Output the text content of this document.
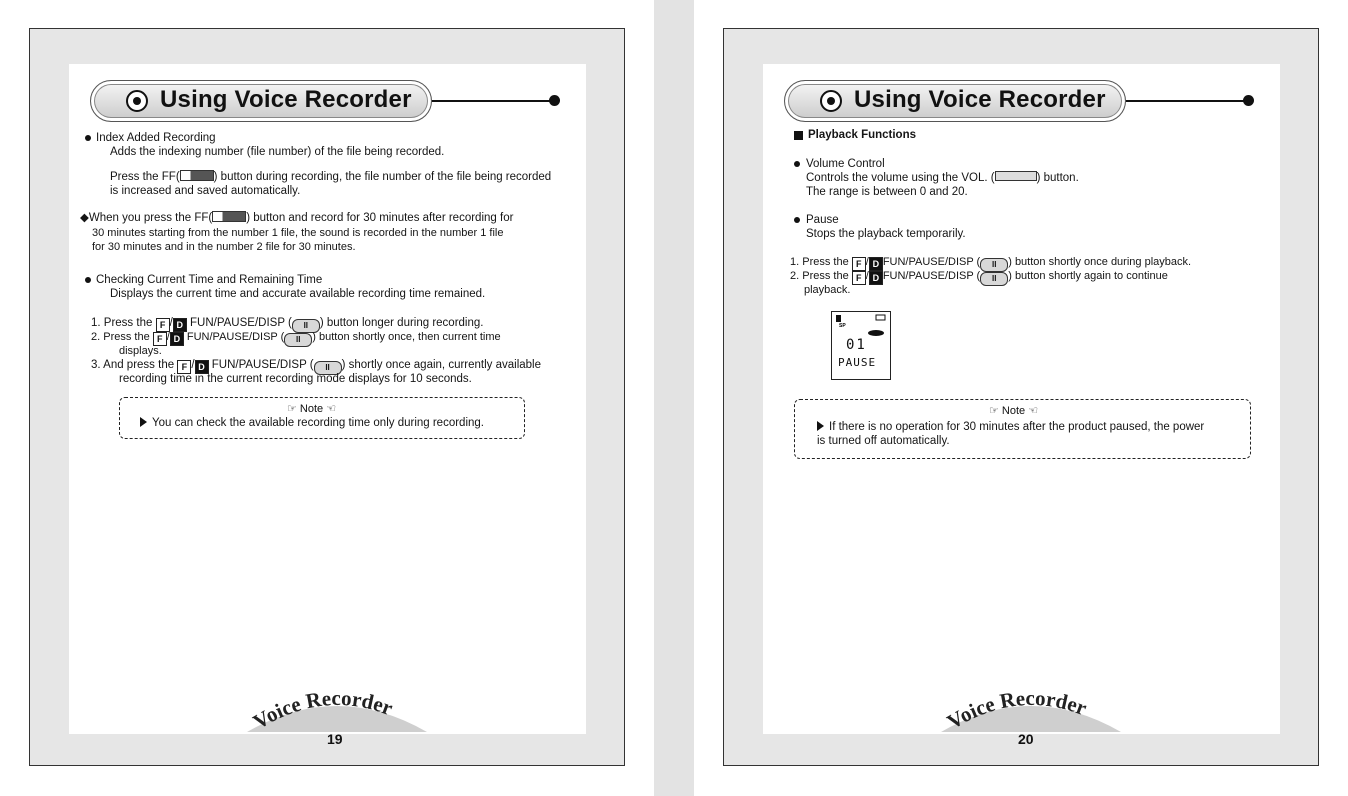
Using Voice Recorder
Index Added Recording
Adds the indexing number (file number) of the file being recorded.
Press the FF(	) button during recording, the file number of the file being recorded
is increased and saved automatically.
◆When you press the FF(	) button and record for 30 minutes after recording for
30 minutes starting from the number 1 file, the sound is recorded in the number 1 file
for 30 minutes and in the number 2 file for 30 minutes.
Checking Current Time and Remaining Time
Displays the current time and accurate available recording time remained.
1. Press the F / D FUN/PAUSE/DISP ( II ) button longer during recording.
2. Press the F / D FUN/PAUSE/DISP ( II ) button shortly once, then current time
displays.
3. And press the F / D FUN/PAUSE/DISP ( II ) shortly once again, currently available
recording time in the current recording mode displays for 10 seconds.
☞ Note ☜
You can check the available recording time only during recording.
Voice Recorder
19
Using Voice Recorder
Playback Functions
Volume Control
Controls the volume using the VOL. (	) button.
The range is between 0 and 20.
Pause
Stops the playback temporarily.
1. Press the F / D FUN/PAUSE/DISP ( II ) button shortly once during playback.
2. Press the F / D FUN/PAUSE/DISP ( II ) button shortly again to continue
playback.
SP
01
PAUSE
☞ Note ☜
If there is no operation for 30 minutes after the product paused, the power
is turned off automatically.
Voice Recorder
20
